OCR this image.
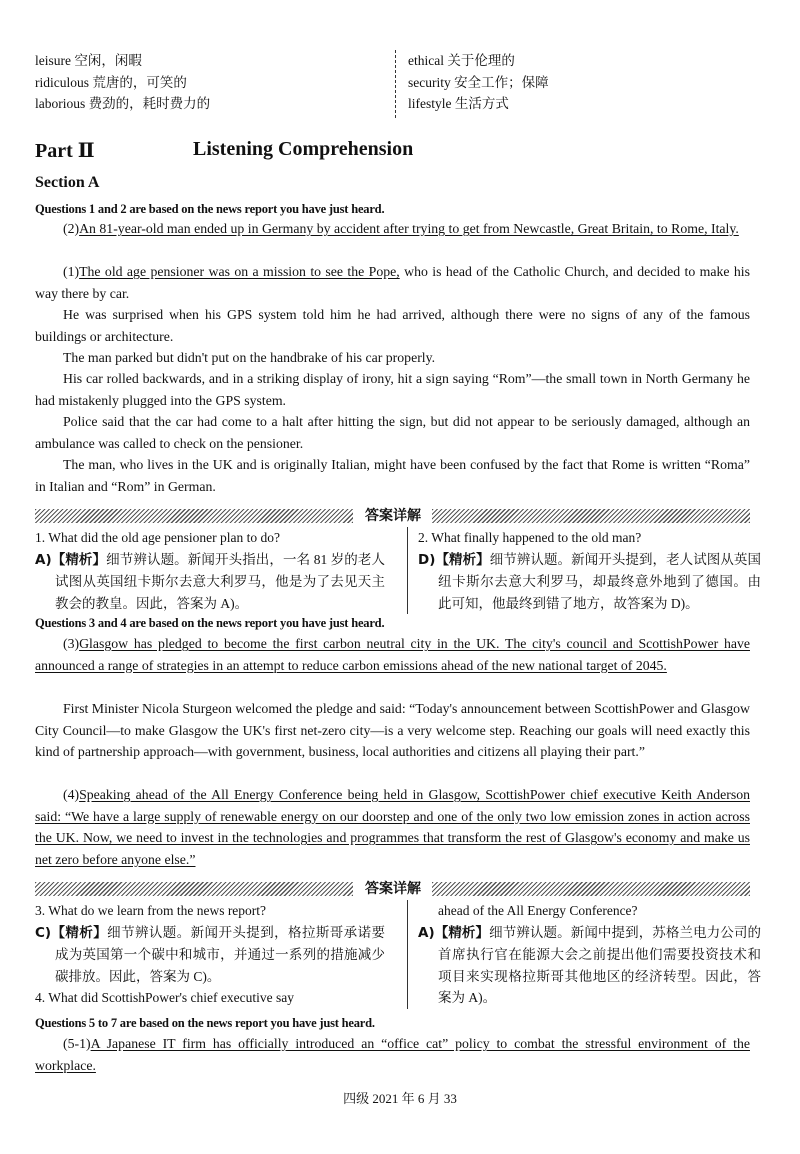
leisure 空闲，闲暇

ridiculous 荒唐的，可笑的

laborious 费劲的，耗时费力的

ethical 关于伦理的

security 安全工作；保障

lifestyle 生活方式

Part Ⅱ	Listening Comprehension
Section A
Questions 1 and 2 are based on the news report you have just heard.

(2)An 81-year-old man ended up in Germany by accident after trying to get from Newcastle, Great Britain, to Rome, Italy.

(1)The old age pensioner was on a mission to see the Pope, who is head of the Catholic Church, and decided to make his way there by car.

He was surprised when his GPS system told him he had arrived, although there were no signs of any of the famous buildings or architecture.

The man parked but didn't put on the handbrake of his car properly.

His car rolled backwards, and in a striking display of irony, hit a sign saying “Rom”—the small town in North Germany he had mistakenly plugged into the GPS system.

Police said that the car had come to a halt after hitting the sign, but did not appear to be seriously damaged, although an ambulance was called to check on the pensioner.

The man, who lives in the UK and is originally Italian, might have been confused by the fact that Rome is written “Roma” in Italian and “Rom” in German.

答案详解

1. What did the old age pensioner plan to do?

A)【精析】细节辨认题。新闻开头指出，一名 81 岁的老人试图从英国纽卡斯尔去意大利罗马，他是为了去见天主教会的教皇。因此，答案为 A)。

2. What finally happened to the old man?

D)【精析】细节辨认题。新闻开头提到，老人试图从英国纽卡斯尔去意大利罗马，却最终意外地到了德国。由此可知，他最终到错了地方，故答案为 D)。

Questions 3 and 4 are based on the news report you have just heard.

(3)Glasgow has pledged to become the first carbon neutral city in the UK. The city's council and ScottishPower have announced a range of strategies in an attempt to reduce carbon emissions ahead of the new national target of 2045.

First Minister Nicola Sturgeon welcomed the pledge and said: “Today's announcement between ScottishPower and Glasgow City Council—to make Glasgow the UK's first net-zero city—is a very welcome step. Reaching our goals will need exactly this kind of partnership approach—with government, business, local authorities and citizens all playing their part.”

(4)Speaking ahead of the All Energy Conference being held in Glasgow, ScottishPower chief executive Keith Anderson said: “We have a large supply of renewable energy on our doorstep and one of the only two low emission zones in action across the UK. Now, we need to invest in the technologies and programmes that transform the rest of Glasgow's economy and make us net zero before anyone else.”

答案详解

3. What do we learn from the news report?

C)【精析】细节辨认题。新闻开头提到，格拉斯哥承诺要成为英国第一个碳中和城市，并通过一系列的措施减少碳排放。因此，答案为 C)。

4. What did ScottishPower's chief executive say

ahead of the All Energy Conference?

A)【精析】细节辨认题。新闻中提到，苏格兰电力公司的首席执行官在能源大会之前提出他们需要投资技术和项目来实现格拉斯哥其他地区的经济转型。因此，答案为 A)。

Questions 5 to 7 are based on the news report you have just heard.

(5-1)A Japanese IT firm has officially introduced an “office cat” policy to combat the stressful environment of the workplace.

四级 2021 年 6 月 33
